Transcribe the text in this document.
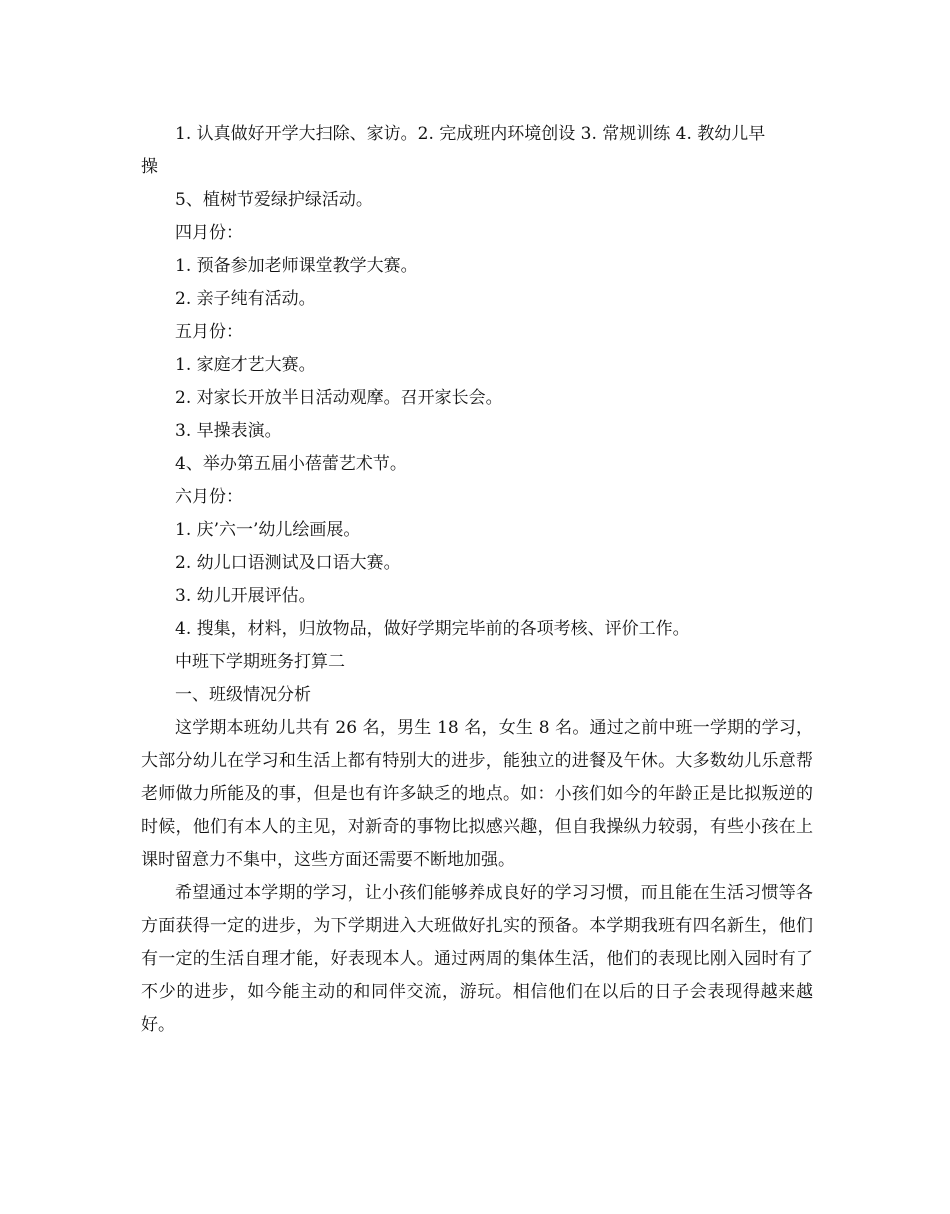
1. 认真做好开学大扫除、家访。2. 完成班内环境创设 3. 常规训练 4. 教幼儿早

操

5、植树节爱绿护绿活动。

四月份：

1. 预备参加老师课堂教学大赛。

2. 亲子纯有活动。

五月份：

1. 家庭才艺大赛。

2. 对家长开放半日活动观摩。召开家长会。

3. 早操表演。

4、举办第五届小蓓蕾艺术节。

六月份：

1. 庆’六一’幼儿绘画展。

2. 幼儿口语测试及口语大赛。

3. 幼儿开展评估。

4. 搜集，材料，归放物品，做好学期完毕前的各项考核、评价工作。

中班下学期班务打算二

一、班级情况分析

这学期本班幼儿共有 26 名，男生 18 名，女生 8 名。通过之前中班一学期的学习，大部分幼儿在学习和生活上都有特别大的进步，能独立的进餐及午休。大多数幼儿乐意帮老师做力所能及的事，但是也有许多缺乏的地点。如：小孩们如今的年龄正是比拟叛逆的时候，他们有本人的主见，对新奇的事物比拟感兴趣，但自我操纵力较弱，有些小孩在上课时留意力不集中，这些方面还需要不断地加强。

希望通过本学期的学习，让小孩们能够养成良好的学习习惯，而且能在生活习惯等各方面获得一定的进步，为下学期进入大班做好扎实的预备。本学期我班有四名新生，他们有一定的生活自理才能，好表现本人。通过两周的集体生活，他们的表现比刚入园时有了不少的进步，如今能主动的和同伴交流，游玩。相信他们在以后的日子会表现得越来越好。
